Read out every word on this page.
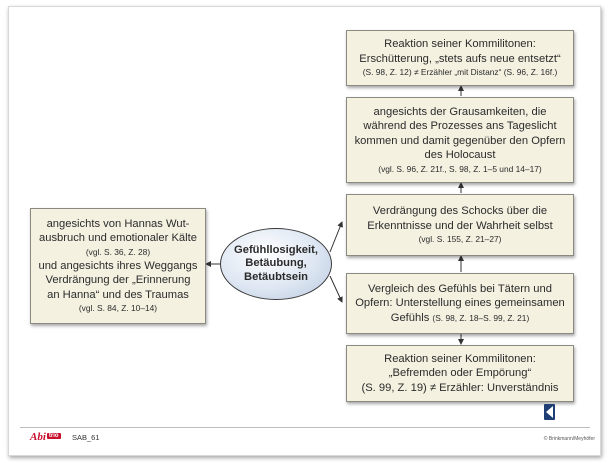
angesichts von Hannas Wut-
ausbruch und emotionaler Kälte
(vgl. S. 36, Z. 28)
und angesichts ihres Weggangs
Verdrängung der „Erinnerung
an Hanna“ und des Traumas
(vgl. S. 84, Z. 10–14)
Gefühllosigkeit,
Betäubung,
Betäubtsein
Reaktion seiner Kommilitonen:
Erschütterung, „stets aufs neue entsetzt“
(S. 98, Z. 12) ≠ Erzähler „mit Distanz“ (S. 96, Z. 16f.)
angesichts der Grausamkeiten, die
während des Prozesses ans Tageslicht
kommen und damit gegenüber den Opfern
des Holocaust
(vgl. S. 96, Z. 21f., S. 98, Z. 1–5 und 14–17)
Verdrängung des Schocks über die
Erkenntnisse und der Wahrheit selbst
(vgl. S. 155, Z. 21–27)
Vergleich des Gefühls bei Tätern und
Opfern: Unterstellung eines gemeinsamen
Gefühls (S. 98, Z. 18–S. 99, Z. 21)
Reaktion seiner Kommilitonen:
„Befremden oder Empörung“
(S. 99, Z. 19) ≠ Erzähler: Unverständnis
Abi $^{trio}$ SAB_61	© Brinkmann/Meyhöfer
